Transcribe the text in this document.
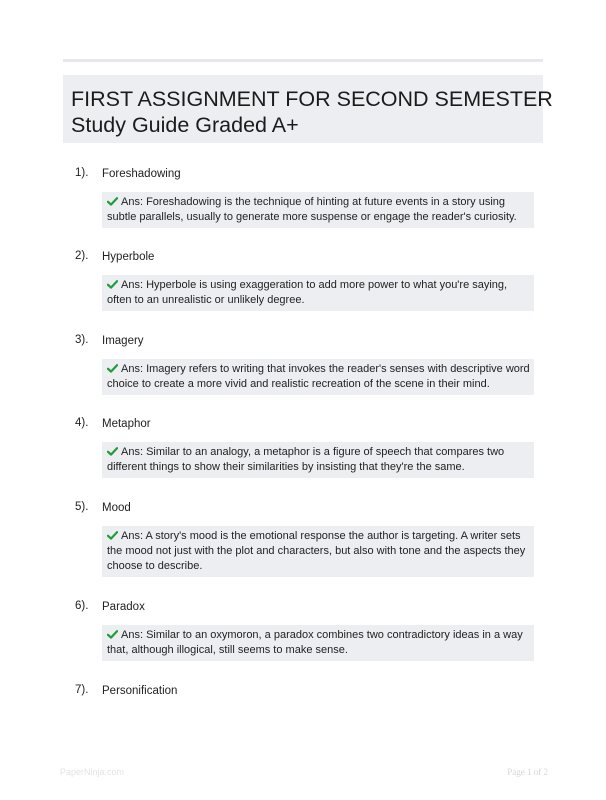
FIRST ASSIGNMENT FOR SECOND SEMESTER
Study Guide Graded A+
1). Foreshadowing
Ans: Foreshadowing is the technique of hinting at future events in a story using subtle parallels, usually to generate more suspense or engage the reader's curiosity.
2). Hyperbole
Ans: Hyperbole is using exaggeration to add more power to what you're saying, often to an unrealistic or unlikely degree.
3). Imagery
Ans: Imagery refers to writing that invokes the reader's senses with descriptive word choice to create a more vivid and realistic recreation of the scene in their mind.
4). Metaphor
Ans: Similar to an analogy, a metaphor is a figure of speech that compares two different things to show their similarities by insisting that they're the same.
5). Mood
Ans: A story's mood is the emotional response the author is targeting. A writer sets the mood not just with the plot and characters, but also with tone and the aspects they choose to describe.
6). Paradox
Ans: Similar to an oxymoron, a paradox combines two contradictory ideas in a way that, although illogical, still seems to make sense.
7). Personification
PaperNinja.com	Page 1 of 2
